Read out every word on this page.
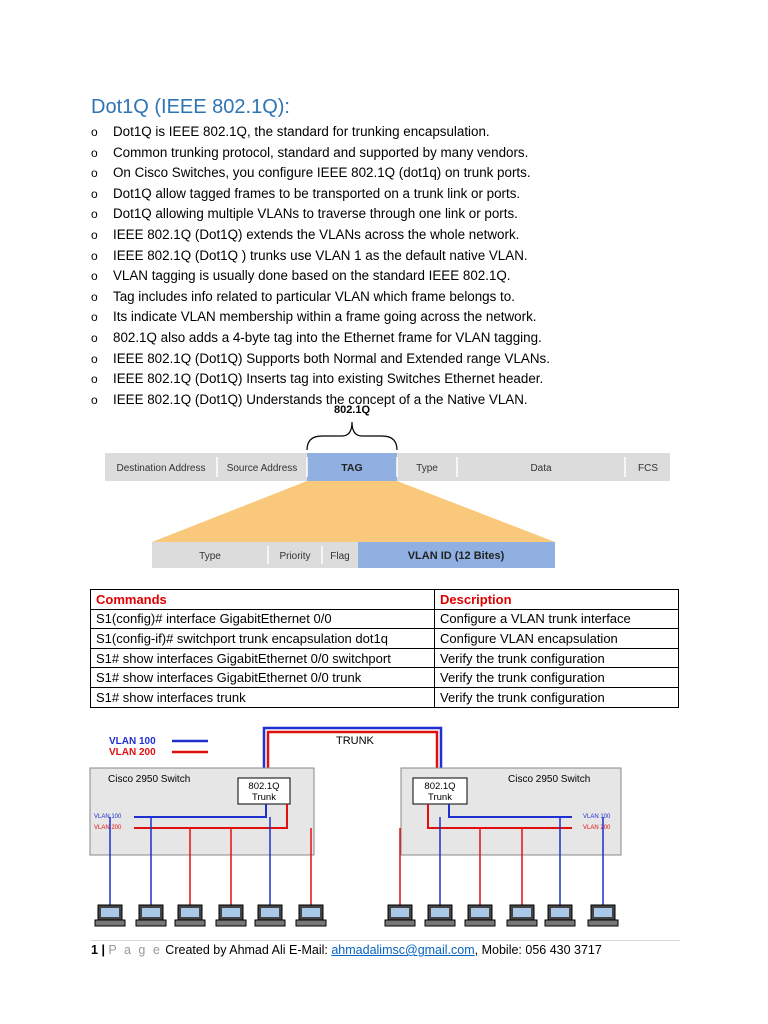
Dot1Q (IEEE 802.1Q):
o Dot1Q is IEEE 802.1Q, the standard for trunking encapsulation.
o Common trunking protocol, standard and supported by many vendors.
o On Cisco Switches, you configure IEEE 802.1Q (dot1q) on trunk ports.
o Dot1Q allow tagged frames to be transported on a trunk link or ports.
o Dot1Q allowing multiple VLANs to traverse through one link or ports.
o IEEE 802.1Q (Dot1Q) extends the VLANs across the whole network.
o IEEE 802.1Q (Dot1Q ) trunks use VLAN 1 as the default native VLAN.
o VLAN tagging is usually done based on the standard IEEE 802.1Q.
o Tag includes info related to particular VLAN which frame belongs to.
o Its indicate VLAN membership within a frame going across the network.
o 802.1Q also adds a 4-byte tag into the Ethernet frame for VLAN tagging.
o IEEE 802.1Q (Dot1Q) Supports both Normal and Extended range VLANs.
o IEEE 802.1Q (Dot1Q) Inserts tag into existing Switches Ethernet header.
o IEEE 802.1Q (Dot1Q) Understands the concept of a the Native VLAN.
802.1Q
Destination Address Source Address	TAG	Type	Data	FCS
Type	Priority Flag	VLAN ID (12 Bites)
Commands	Description
S1(config)# interface GigabitEthernet 0/0	Configure a VLAN trunk interface
S1(config-if)# switchport trunk encapsulation dot1q	Configure VLAN encapsulation
S1# show interfaces GigabitEthernet 0/0 switchport	Verify the trunk configuration
S1# show interfaces GigabitEthernet 0/0 trunk	Verify the trunk configuration
S1# show interfaces trunk	Verify the trunk configuration
VLAN 100
VLAN 200
TRUNK
Cisco 2950 Switch	Cisco 2950 Switch
802.1Q
Trunk
802.1Q
Trunk
VLAN 100
VLAN 200
VLAN 100
VLAN 200
1 | P a g e Created by Ahmad Ali E-Mail: ahmadalimsc@gmail.com, Mobile: 056 430 3717
